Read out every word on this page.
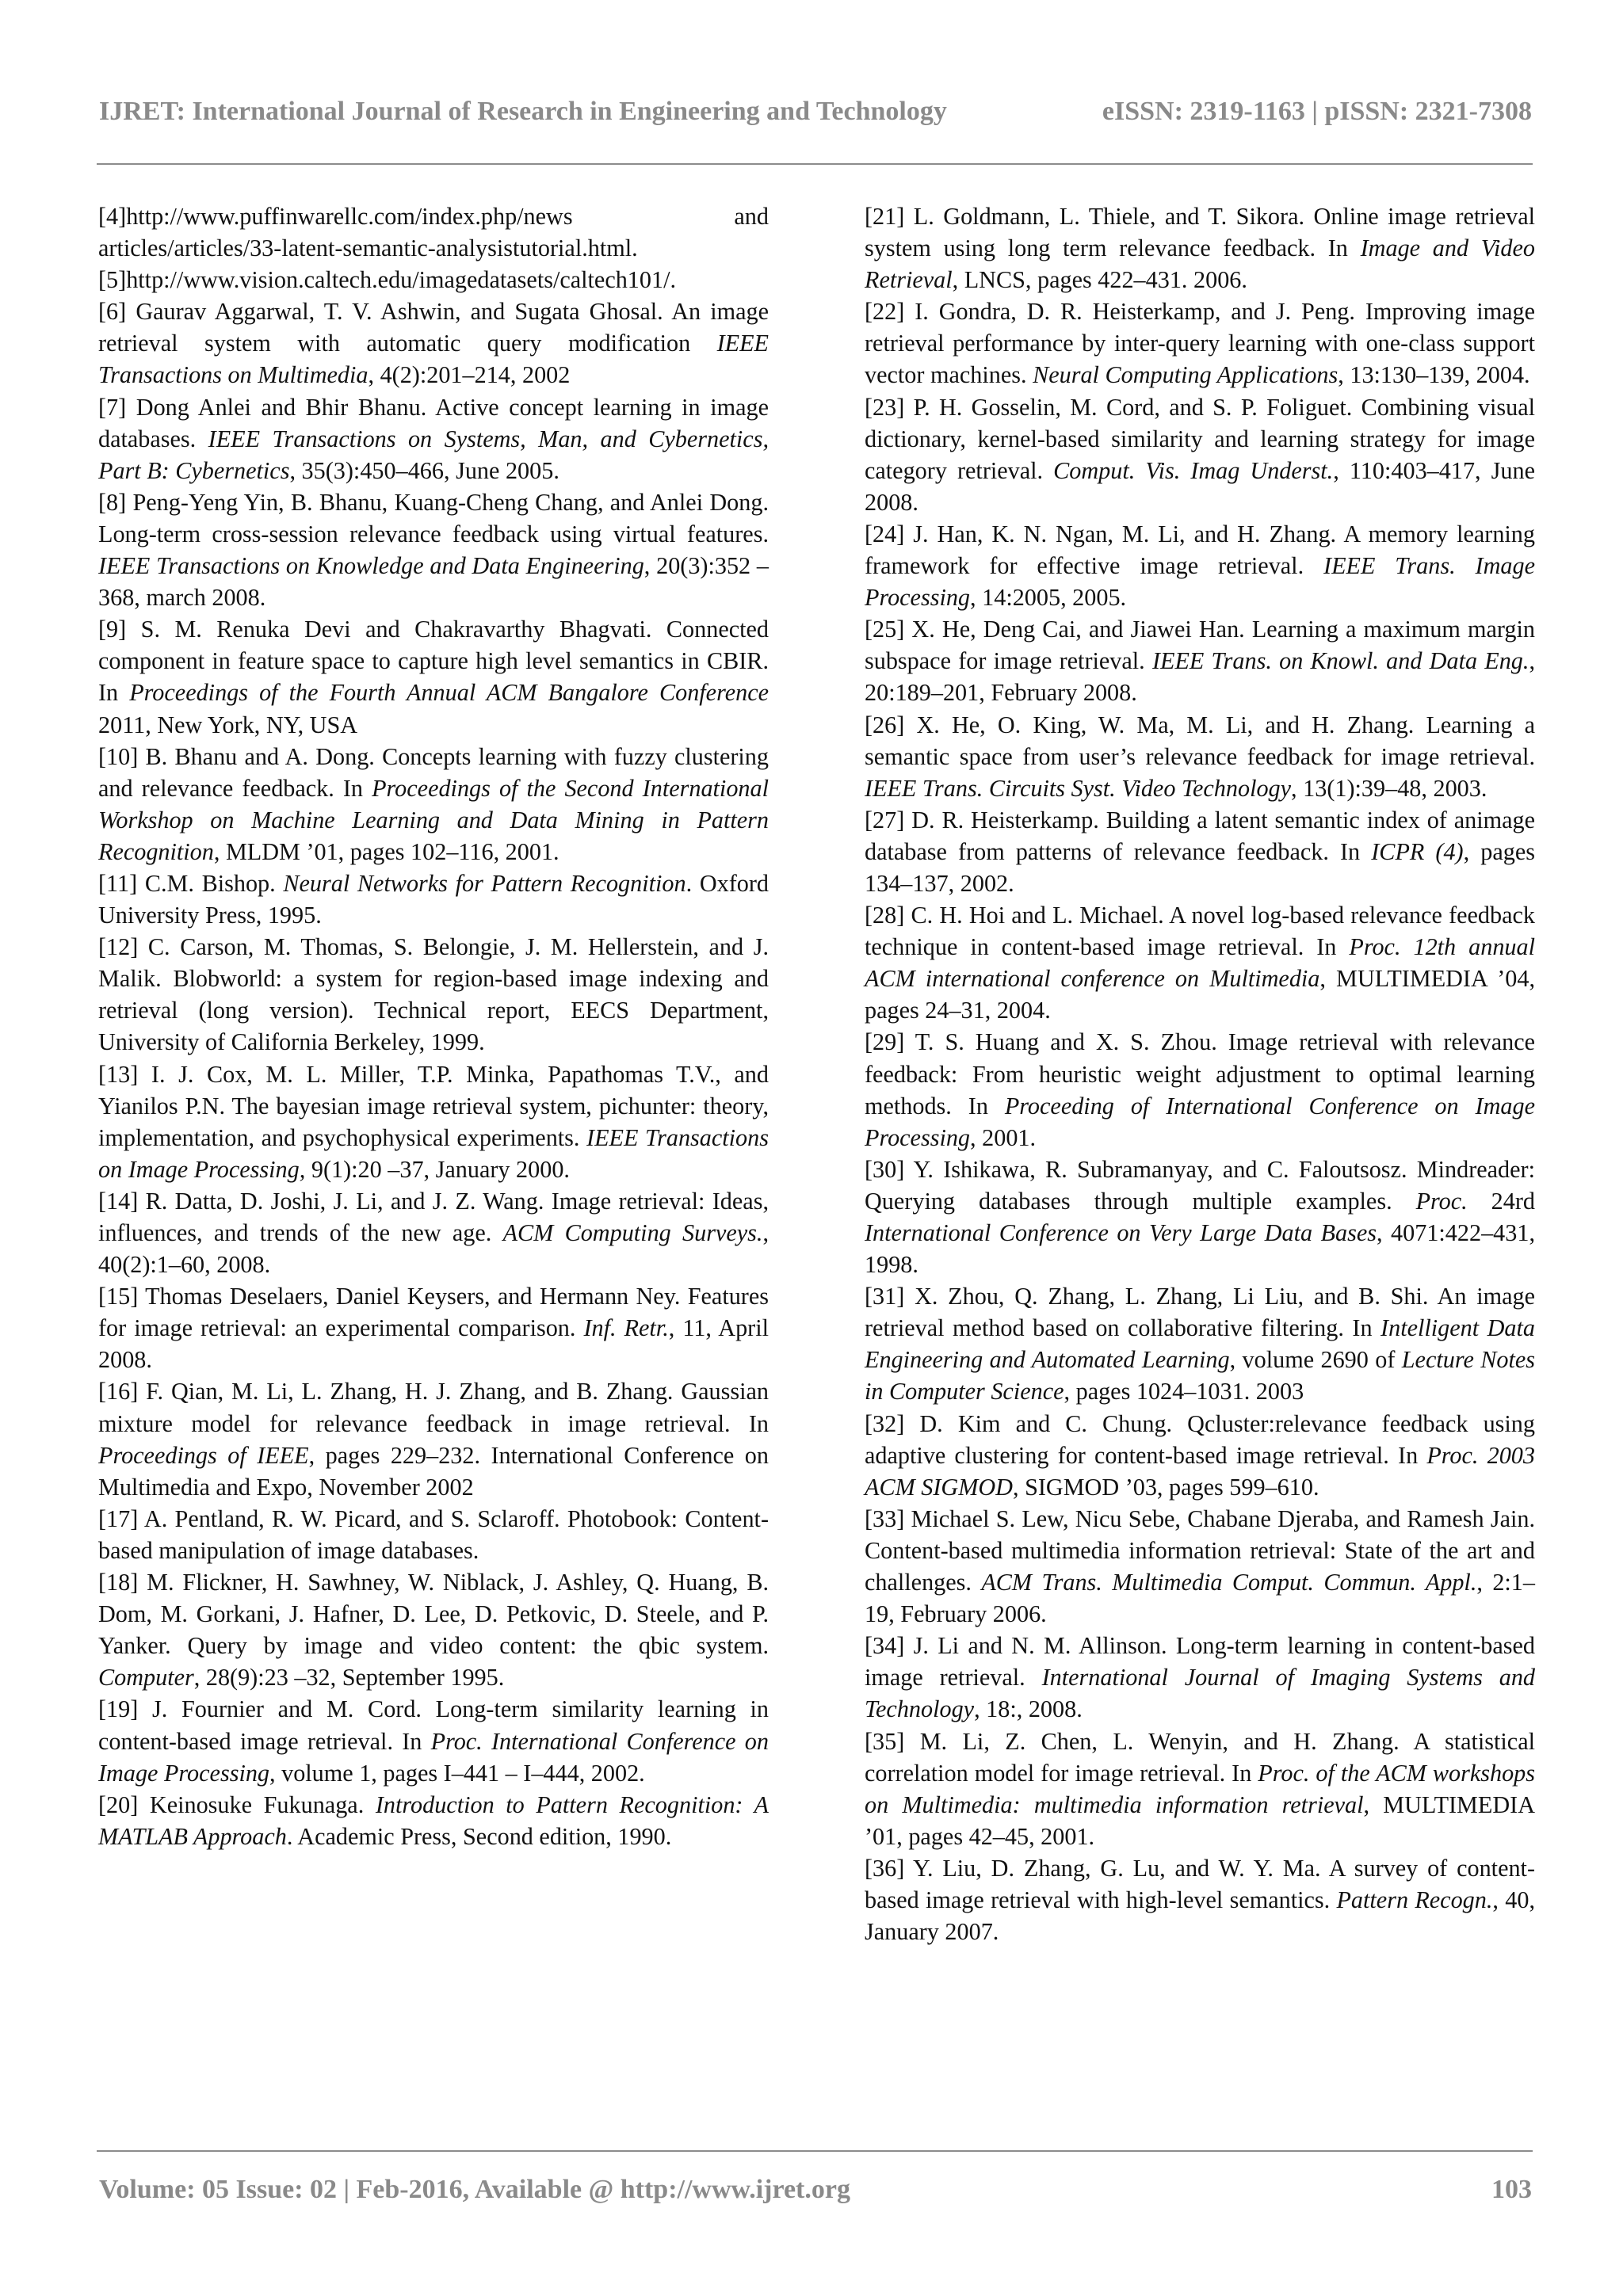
IJRET: International Journal of Research in Engineering and Technology	eISSN: 2319-1163 | pISSN: 2321-7308

[4]http://www.puffinwarellc.com/index.php/news and articles/articles/33-latent-semantic-analysistutorial.html.

[5]http://www.vision.caltech.edu/imagedatasets/caltech101/.

[6] Gaurav Aggarwal, T. V. Ashwin, and Sugata Ghosal. An image retrieval system with automatic query modification IEEE Transactions on Multimedia, 4(2):201–214, 2002

[7] Dong Anlei and Bhir Bhanu. Active concept learning in image databases. IEEE Transactions on Systems, Man, and Cybernetics, Part B: Cybernetics, 35(3):450–466, June 2005.

[8] Peng-Yeng Yin, B. Bhanu, Kuang-Cheng Chang, and Anlei Dong. Long-term cross-session relevance feedback using virtual features. IEEE Transactions on Knowledge and Data Engineering, 20(3):352 –368, march 2008.

[9] S. M. Renuka Devi and Chakravarthy Bhagvati. Connected component in feature space to capture high level semantics in CBIR. In Proceedings of the Fourth Annual ACM Bangalore Conference 2011, New York, NY, USA

[10] B. Bhanu and A. Dong. Concepts learning with fuzzy clustering and relevance feedback. In Proceedings of the Second International Workshop on Machine Learning and Data Mining in Pattern Recognition, MLDM ’01, pages 102–116, 2001.

[11] C.M. Bishop. Neural Networks for Pattern Recognition. Oxford University Press, 1995.

[12] C. Carson, M. Thomas, S. Belongie, J. M. Hellerstein, and J. Malik. Blobworld: a system for region-based image indexing and retrieval (long version). Technical report, EECS Department, University of California Berkeley, 1999.

[13] I. J. Cox, M. L. Miller, T.P. Minka, Papathomas T.V., and Yianilos P.N. The bayesian image retrieval system, pichunter: theory, implementation, and psychophysical experiments. IEEE Transactions on Image Processing, 9(1):20 –37, January 2000.

[14] R. Datta, D. Joshi, J. Li, and J. Z. Wang. Image retrieval: Ideas, influences, and trends of the new age. ACM Computing Surveys., 40(2):1–60, 2008.

[15] Thomas Deselaers, Daniel Keysers, and Hermann Ney. Features for image retrieval: an experimental comparison. Inf. Retr., 11, April 2008.

[16] F. Qian, M. Li, L. Zhang, H. J. Zhang, and B. Zhang. Gaussian mixture model for relevance feedback in image retrieval. In Proceedings of IEEE, pages 229–232. International Conference on Multimedia and Expo, November 2002

[17] A. Pentland, R. W. Picard, and S. Sclaroff. Photobook: Content-based manipulation of image databases.

[18] M. Flickner, H. Sawhney, W. Niblack, J. Ashley, Q. Huang, B. Dom, M. Gorkani, J. Hafner, D. Lee, D. Petkovic, D. Steele, and P. Yanker. Query by image and video content: the qbic system. Computer, 28(9):23 –32, September 1995.

[19] J. Fournier and M. Cord. Long-term similarity learning in content-based image retrieval. In Proc. International Conference on Image Processing, volume 1, pages I–441 – I–444, 2002.

[20] Keinosuke Fukunaga. Introduction to Pattern Recognition: A MATLAB Approach. Academic Press, Second edition, 1990.

[21] L. Goldmann, L. Thiele, and T. Sikora. Online image retrieval system using long term relevance feedback. In Image and Video Retrieval, LNCS, pages 422–431. 2006.

[22] I. Gondra, D. R. Heisterkamp, and J. Peng. Improving image retrieval performance by inter-query learning with one-class support vector machines. Neural Computing Applications, 13:130–139, 2004.

[23] P. H. Gosselin, M. Cord, and S. P. Foliguet. Combining visual dictionary, kernel-based similarity and learning strategy for image category retrieval. Comput. Vis. Imag Underst., 110:403–417, June 2008.

[24] J. Han, K. N. Ngan, M. Li, and H. Zhang. A memory learning framework for effective image retrieval. IEEE Trans. Image Processing, 14:2005, 2005.

[25] X. He, Deng Cai, and Jiawei Han. Learning a maximum margin subspace for image retrieval. IEEE Trans. on Knowl. and Data Eng., 20:189–201, February 2008.

[26] X. He, O. King, W. Ma, M. Li, and H. Zhang. Learning a semantic space from user’s relevance feedback for image retrieval. IEEE Trans. Circuits Syst. Video Technology, 13(1):39–48, 2003.

[27] D. R. Heisterkamp. Building a latent semantic index of animage database from patterns of relevance feedback. In ICPR (4), pages 134–137, 2002.

[28] C. H. Hoi and L. Michael. A novel log-based relevance feedback technique in content-based image retrieval. In Proc. 12th annual ACM international conference on Multimedia, MULTIMEDIA ’04, pages 24–31, 2004.

[29] T. S. Huang and X. S. Zhou. Image retrieval with relevance feedback: From heuristic weight adjustment to optimal learning methods. In Proceeding of International Conference on Image Processing, 2001.

[30] Y. Ishikawa, R. Subramanyay, and C. Faloutsosz. Mindreader: Querying databases through multiple examples. Proc. 24rd International Conference on Very Large Data Bases, 4071:422–431, 1998.

[31] X. Zhou, Q. Zhang, L. Zhang, Li Liu, and B. Shi. An image retrieval method based on collaborative filtering. In Intelligent Data Engineering and Automated Learning, volume 2690 of Lecture Notes in Computer Science, pages 1024–1031. 2003

[32] D. Kim and C. Chung. Qcluster:relevance feedback using adaptive clustering for content-based image retrieval. In Proc. 2003 ACM SIGMOD, SIGMOD ’03, pages 599–610.

[33] Michael S. Lew, Nicu Sebe, Chabane Djeraba, and Ramesh Jain. Content-based multimedia information retrieval: State of the art and challenges. ACM Trans. Multimedia Comput. Commun. Appl., 2:1–19, February 2006.

[34] J. Li and N. M. Allinson. Long-term learning in content-based image retrieval. International Journal of Imaging Systems and Technology, 18:, 2008.

[35] M. Li, Z. Chen, L. Wenyin, and H. Zhang. A statistical correlation model for image retrieval. In Proc. of the ACM workshops on Multimedia: multimedia information retrieval, MULTIMEDIA ’01, pages 42–45, 2001.

[36] Y. Liu, D. Zhang, G. Lu, and W. Y. Ma. A survey of content-based image retrieval with high-level semantics. Pattern Recogn., 40, January 2007.

Volume: 05 Issue: 02 | Feb-2016, Available @ http://www.ijret.org	103
